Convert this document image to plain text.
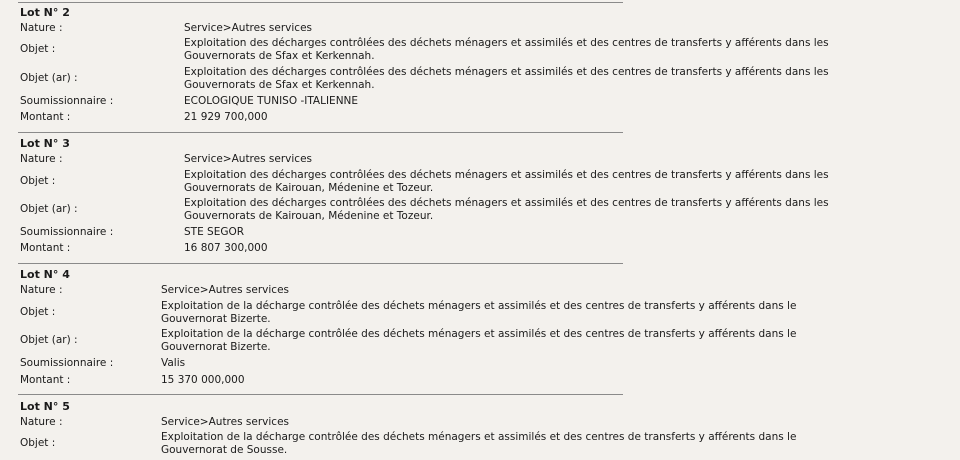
Lot N° 2
Nature :	Service>Autres services
Objet :	Exploitation des décharges contrôlées des déchets ménagers et assimilés et des centres de transferts y afférents dans les
Gouvernorats de Sfax et Kerkennah.
Objet (ar) :	Exploitation des décharges contrôlées des déchets ménagers et assimilés et des centres de transferts y afférents dans les
Gouvernorats de Sfax et Kerkennah.
Soumissionnaire :	ECOLOGIQUE TUNISO -ITALIENNE
Montant :	21 929 700,000
Lot N° 3
Nature :	Service>Autres services
Objet :	Exploitation des décharges contrôlées des déchets ménagers et assimilés et des centres de transferts y afférents dans les
Gouvernorats de Kairouan, Médenine et Tozeur.
Objet (ar) :	Exploitation des décharges contrôlées des déchets ménagers et assimilés et des centres de transferts y afférents dans les
Gouvernorats de Kairouan, Médenine et Tozeur.
Soumissionnaire :	STE SEGOR
Montant :	16 807 300,000
Lot N° 4
Nature :	Service>Autres services
Objet :	Exploitation de la décharge contrôlée des déchets ménagers et assimilés et des centres de transferts y afférents dans le
Gouvernorat Bizerte.
Objet (ar) :	Exploitation de la décharge contrôlée des déchets ménagers et assimilés et des centres de transferts y afférents dans le
Gouvernorat Bizerte.
Soumissionnaire :	Valis
Montant :	15 370 000,000
Lot N° 5
Nature :	Service>Autres services
Objet :	Exploitation de la décharge contrôlée des déchets ménagers et assimilés et des centres de transferts y afférents dans le
Gouvernorat de Sousse.
